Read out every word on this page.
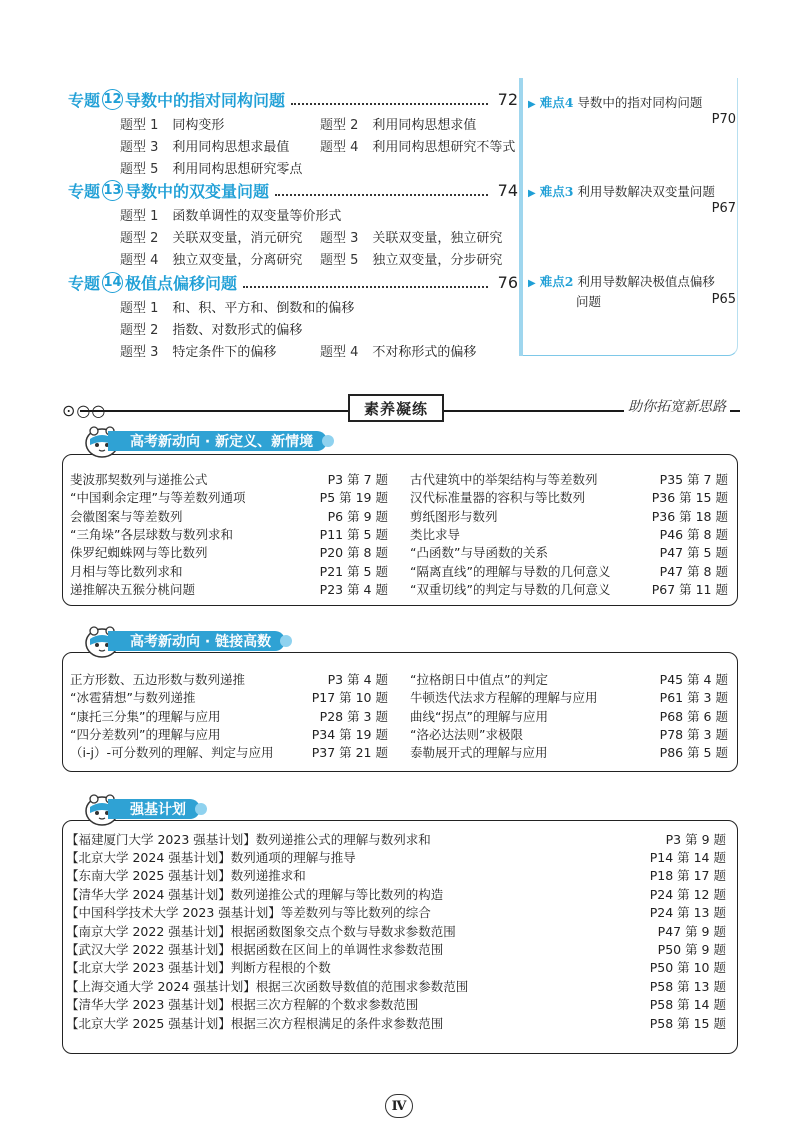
专题 12 导数中的指对同构问题	72
题型 1 同构变形	题型 2 利用同构思想求值
题型 3 利用同构思想求最值 题型 4 利用同构思想研究不等式
题型 5 利用同构思想研究零点
专题 13 导数中的双变量问题	74
题型 1 函数单调性的双变量等价形式
题型 2 关联双变量，消元研究 题型 3 关联双变量，独立研究
题型 4 独立双变量，分离研究 题型 5 独立双变量，分步研究
专题 14 极值点偏移问题	76
题型 1 和、积、平方和、倒数和的偏移
题型 2 指数、对数形式的偏移
题型 3 特定条件下的偏移	题型 4 不对称形式的偏移
▶ 难点4 导数中的指对同构问题
P70
▶ 难点3 利用导数解决双变量问题
P67
▶ 难点2 利用导数解决极值点偏移
问题	P65
⊙○○	素养凝练	助你拓宽新思路
高考新动向 · 新定义、新情境
斐波那契数列与递推公式	P3 第 7 题
“中国剩余定理”与等差数列通项	P5 第 19 题
会徽图案与等差数列	P6 第 9 题
“三角垛”各层球数与数列求和	P11 第 5 题
侏罗纪蜘蛛网与等比数列	P20 第 8 题
月相与等比数列求和	P21 第 5 题
递推解决五猴分桃问题	P23 第 4 题
古代建筑中的举架结构与等差数列	P35 第 7 题
汉代标准量器的容积与等比数列	P36 第 15 题
剪纸图形与数列	P36 第 18 题
类比求导	P46 第 8 题
“凸函数”与导函数的关系	P47 第 5 题
“隔离直线”的理解与导数的几何意义	P47 第 8 题
“双重切线”的判定与导数的几何意义	P67 第 11 题
高考新动向 · 链接高数
正方形数、五边形数与数列递推	P3 第 4 题
“冰雹猜想”与数列递推	P17 第 10 题
“康托三分集”的理解与应用	P28 第 3 题
“四分差数列”的理解与应用	P34 第 19 题
（i-j）-可分数列的理解、判定与应用	P37 第 21 题
“拉格朗日中值点”的判定	P45 第 4 题
牛顿迭代法求方程解的理解与应用	P61 第 3 题
曲线“拐点”的理解与应用	P68 第 6 题
“洛必达法则”求极限	P78 第 3 题
泰勒展开式的理解与应用	P86 第 5 题
强基计划
【福建厦门大学 2023 强基计划】数列递推公式的理解与数列求和	P3 第 9 题
【北京大学 2024 强基计划】数列通项的理解与推导	P14 第 14 题
【东南大学 2025 强基计划】数列递推求和	P18 第 17 题
【清华大学 2024 强基计划】数列递推公式的理解与等比数列的构造	P24 第 12 题
【中国科学技术大学 2023 强基计划】等差数列与等比数列的综合	P24 第 13 题
【南京大学 2022 强基计划】根据函数图象交点个数与导数求参数范围	P47 第 9 题
【武汉大学 2022 强基计划】根据函数在区间上的单调性求参数范围	P50 第 9 题
【北京大学 2023 强基计划】判断方程根的个数	P50 第 10 题
【上海交通大学 2024 强基计划】根据三次函数导数值的范围求参数范围	P58 第 13 题
【清华大学 2023 强基计划】根据三次方程解的个数求参数范围	P58 第 14 题
【北京大学 2025 强基计划】根据三次方程根满足的条件求参数范围	P58 第 15 题
Ⅳ
